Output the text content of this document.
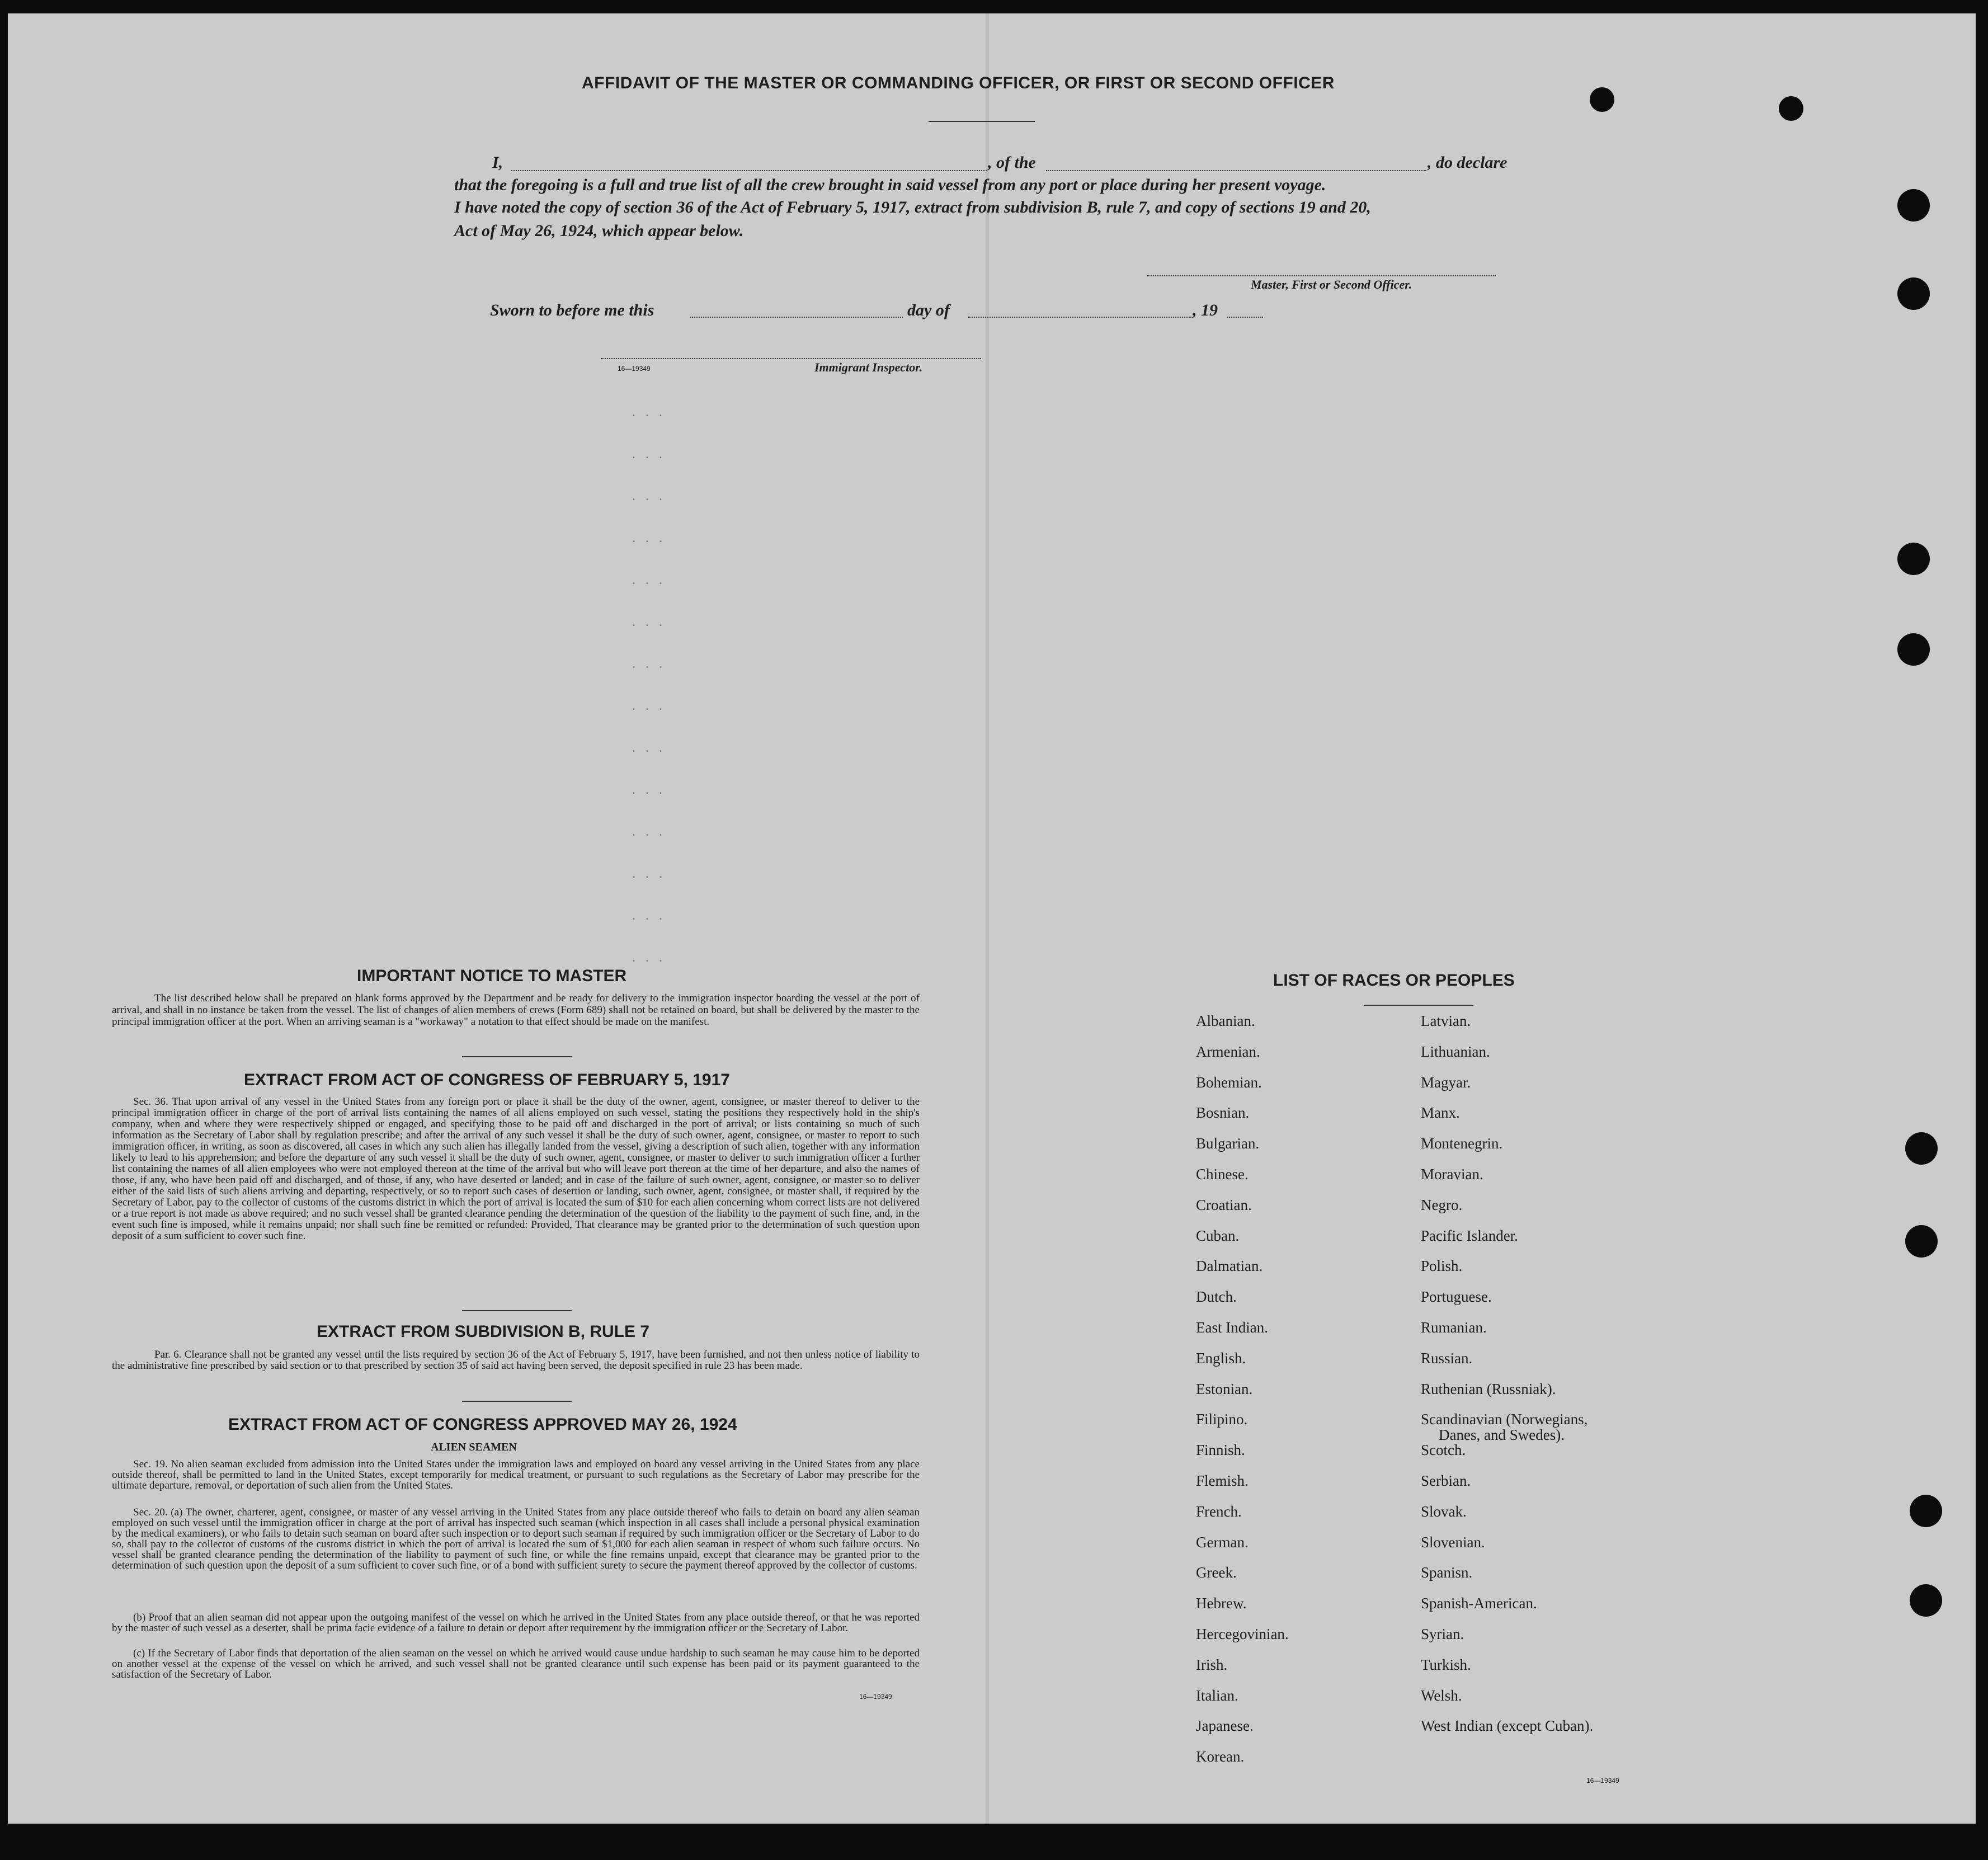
AFFIDAVIT OF THE MASTER OR COMMANDING OFFICER, OR FIRST OR SECOND OFFICER
I,	, of the	, do declare
that the foregoing is a full and true list of all the crew brought in said vessel from any port or place during her present voyage.
I have noted the copy of section 36 of the Act of February 5, 1917, extract from subdivision B, rule 7, and copy of sections 19 and 20,
Act of May 26, 1924, which appear below.
Master, First or Second Officer.
Sworn to before me this	day of	, 19
16—19349	Immigrant Inspector.
...
...
...
...
...
...
...
...
...
...
...
...
...
...
IMPORTANT NOTICE TO MASTER

The list described below shall be prepared on blank forms approved by the Department and be ready for delivery to the immigration inspector boarding the vessel at the port of arrival, and shall in no instance be taken from the vessel. The list of changes of alien members of crews (Form 689) shall not be retained on board, but shall be delivered by the master to the principal immigration officer at the port. When an arriving seaman is a "workaway" a notation to that effect should be made on the manifest.

EXTRACT FROM ACT OF CONGRESS OF FEBRUARY 5, 1917

Sec. 36. That upon arrival of any vessel in the United States from any foreign port or place it shall be the duty of the owner, agent, consignee, or master thereof to deliver to the principal immigration officer in charge of the port of arrival lists containing the names of all aliens employed on such vessel, stating the positions they respectively hold in the ship's company, when and where they were respectively shipped or engaged, and specifying those to be paid off and discharged in the port of arrival; or lists containing so much of such information as the Secretary of Labor shall by regulation prescribe; and after the arrival of any such vessel it shall be the duty of such owner, agent, consignee, or master to report to such immigration officer, in writing, as soon as discovered, all cases in which any such alien has illegally landed from the vessel, giving a description of such alien, together with any information likely to lead to his apprehension; and before the departure of any such vessel it shall be the duty of such owner, agent, consignee, or master to deliver to such immigration officer a further list containing the names of all alien employees who were not employed thereon at the time of the arrival but who will leave port thereon at the time of her departure, and also the names of those, if any, who have been paid off and discharged, and of those, if any, who have deserted or landed; and in case of the failure of such owner, agent, consignee, or master so to deliver either of the said lists of such aliens arriving and departing, respectively, or so to report such cases of desertion or landing, such owner, agent, consignee, or master shall, if required by the Secretary of Labor, pay to the collector of customs of the customs district in which the port of arrival is located the sum of $10 for each alien concerning whom correct lists are not delivered or a true report is not made as above required; and no such vessel shall be granted clearance pending the determination of the question of the liability to the payment of such fine, and, in the event such fine is imposed, while it remains unpaid; nor shall such fine be remitted or refunded: Provided, That clearance may be granted prior to the determination of such question upon deposit of a sum sufficient to cover such fine.

EXTRACT FROM SUBDIVISION B, RULE 7

Par. 6. Clearance shall not be granted any vessel until the lists required by section 36 of the Act of February 5, 1917, have been furnished, and not then unless notice of liability to the administrative fine prescribed by said section or to that prescribed by section 35 of said act having been served, the deposit specified in rule 23 has been made.

EXTRACT FROM ACT OF CONGRESS APPROVED MAY 26, 1924
ALIEN SEAMEN

Sec. 19. No alien seaman excluded from admission into the United States under the immigration laws and employed on board any vessel arriving in the United States from any place outside thereof, shall be permitted to land in the United States, except temporarily for medical treatment, or pursuant to such regulations as the Secretary of Labor may prescribe for the ultimate departure, removal, or deportation of such alien from the United States.

Sec. 20. (a) The owner, charterer, agent, consignee, or master of any vessel arriving in the United States from any place outside thereof who fails to detain on board any alien seaman employed on such vessel until the immigration officer in charge at the port of arrival has inspected such seaman (which inspection in all cases shall include a personal physical examination by the medical examiners), or who fails to detain such seaman on board after such inspection or to deport such seaman if required by such immigration officer or the Secretary of Labor to do so, shall pay to the collector of customs of the customs district in which the port of arrival is located the sum of $1,000 for each alien seaman in respect of whom such failure occurs. No vessel shall be granted clearance pending the determination of the liability to payment of such fine, or while the fine remains unpaid, except that clearance may be granted prior to the determination of such question upon the deposit of a sum sufficient to cover such fine, or of a bond with sufficient surety to secure the payment thereof approved by the collector of customs.

(b) Proof that an alien seaman did not appear upon the outgoing manifest of the vessel on which he arrived in the United States from any place outside thereof, or that he was reported by the master of such vessel as a deserter, shall be prima facie evidence of a failure to detain or deport after requirement by the immigration officer or the Secretary of Labor.

(c) If the Secretary of Labor finds that deportation of the alien seaman on the vessel on which he arrived would cause undue hardship to such seaman he may cause him to be deported on another vessel at the expense of the vessel on which he arrived, and such vessel shall not be granted clearance until such expense has been paid or its payment guaranteed to the satisfaction of the Secretary of Labor.

16—19349
LIST OF RACES OR PEOPLES
Albanian.
Armenian.
Bohemian.
Bosnian.
Bulgarian.
Chinese.
Croatian.
Cuban.
Dalmatian.
Dutch.
East Indian.
English.
Estonian.
Filipino.
Finnish.
Flemish.
French.
German.
Greek.
Hebrew.
Hercegovinian.
Irish.
Italian.
Japanese.
Korean.
Latvian.
Lithuanian.
Magyar.
Manx.
Montenegrin.
Moravian.
Negro.
Pacific Islander.
Polish.
Portuguese.
Rumanian.
Russian.
Ruthenian (Russniak).
Scandinavian (Norwegians,
Danes, and Swedes).
Scotch.
Serbian.
Slovak.
Slovenian.
Spanisn.
Spanish-American.
Syrian.
Turkish.
Welsh.
West Indian (except Cuban).
16—19349
